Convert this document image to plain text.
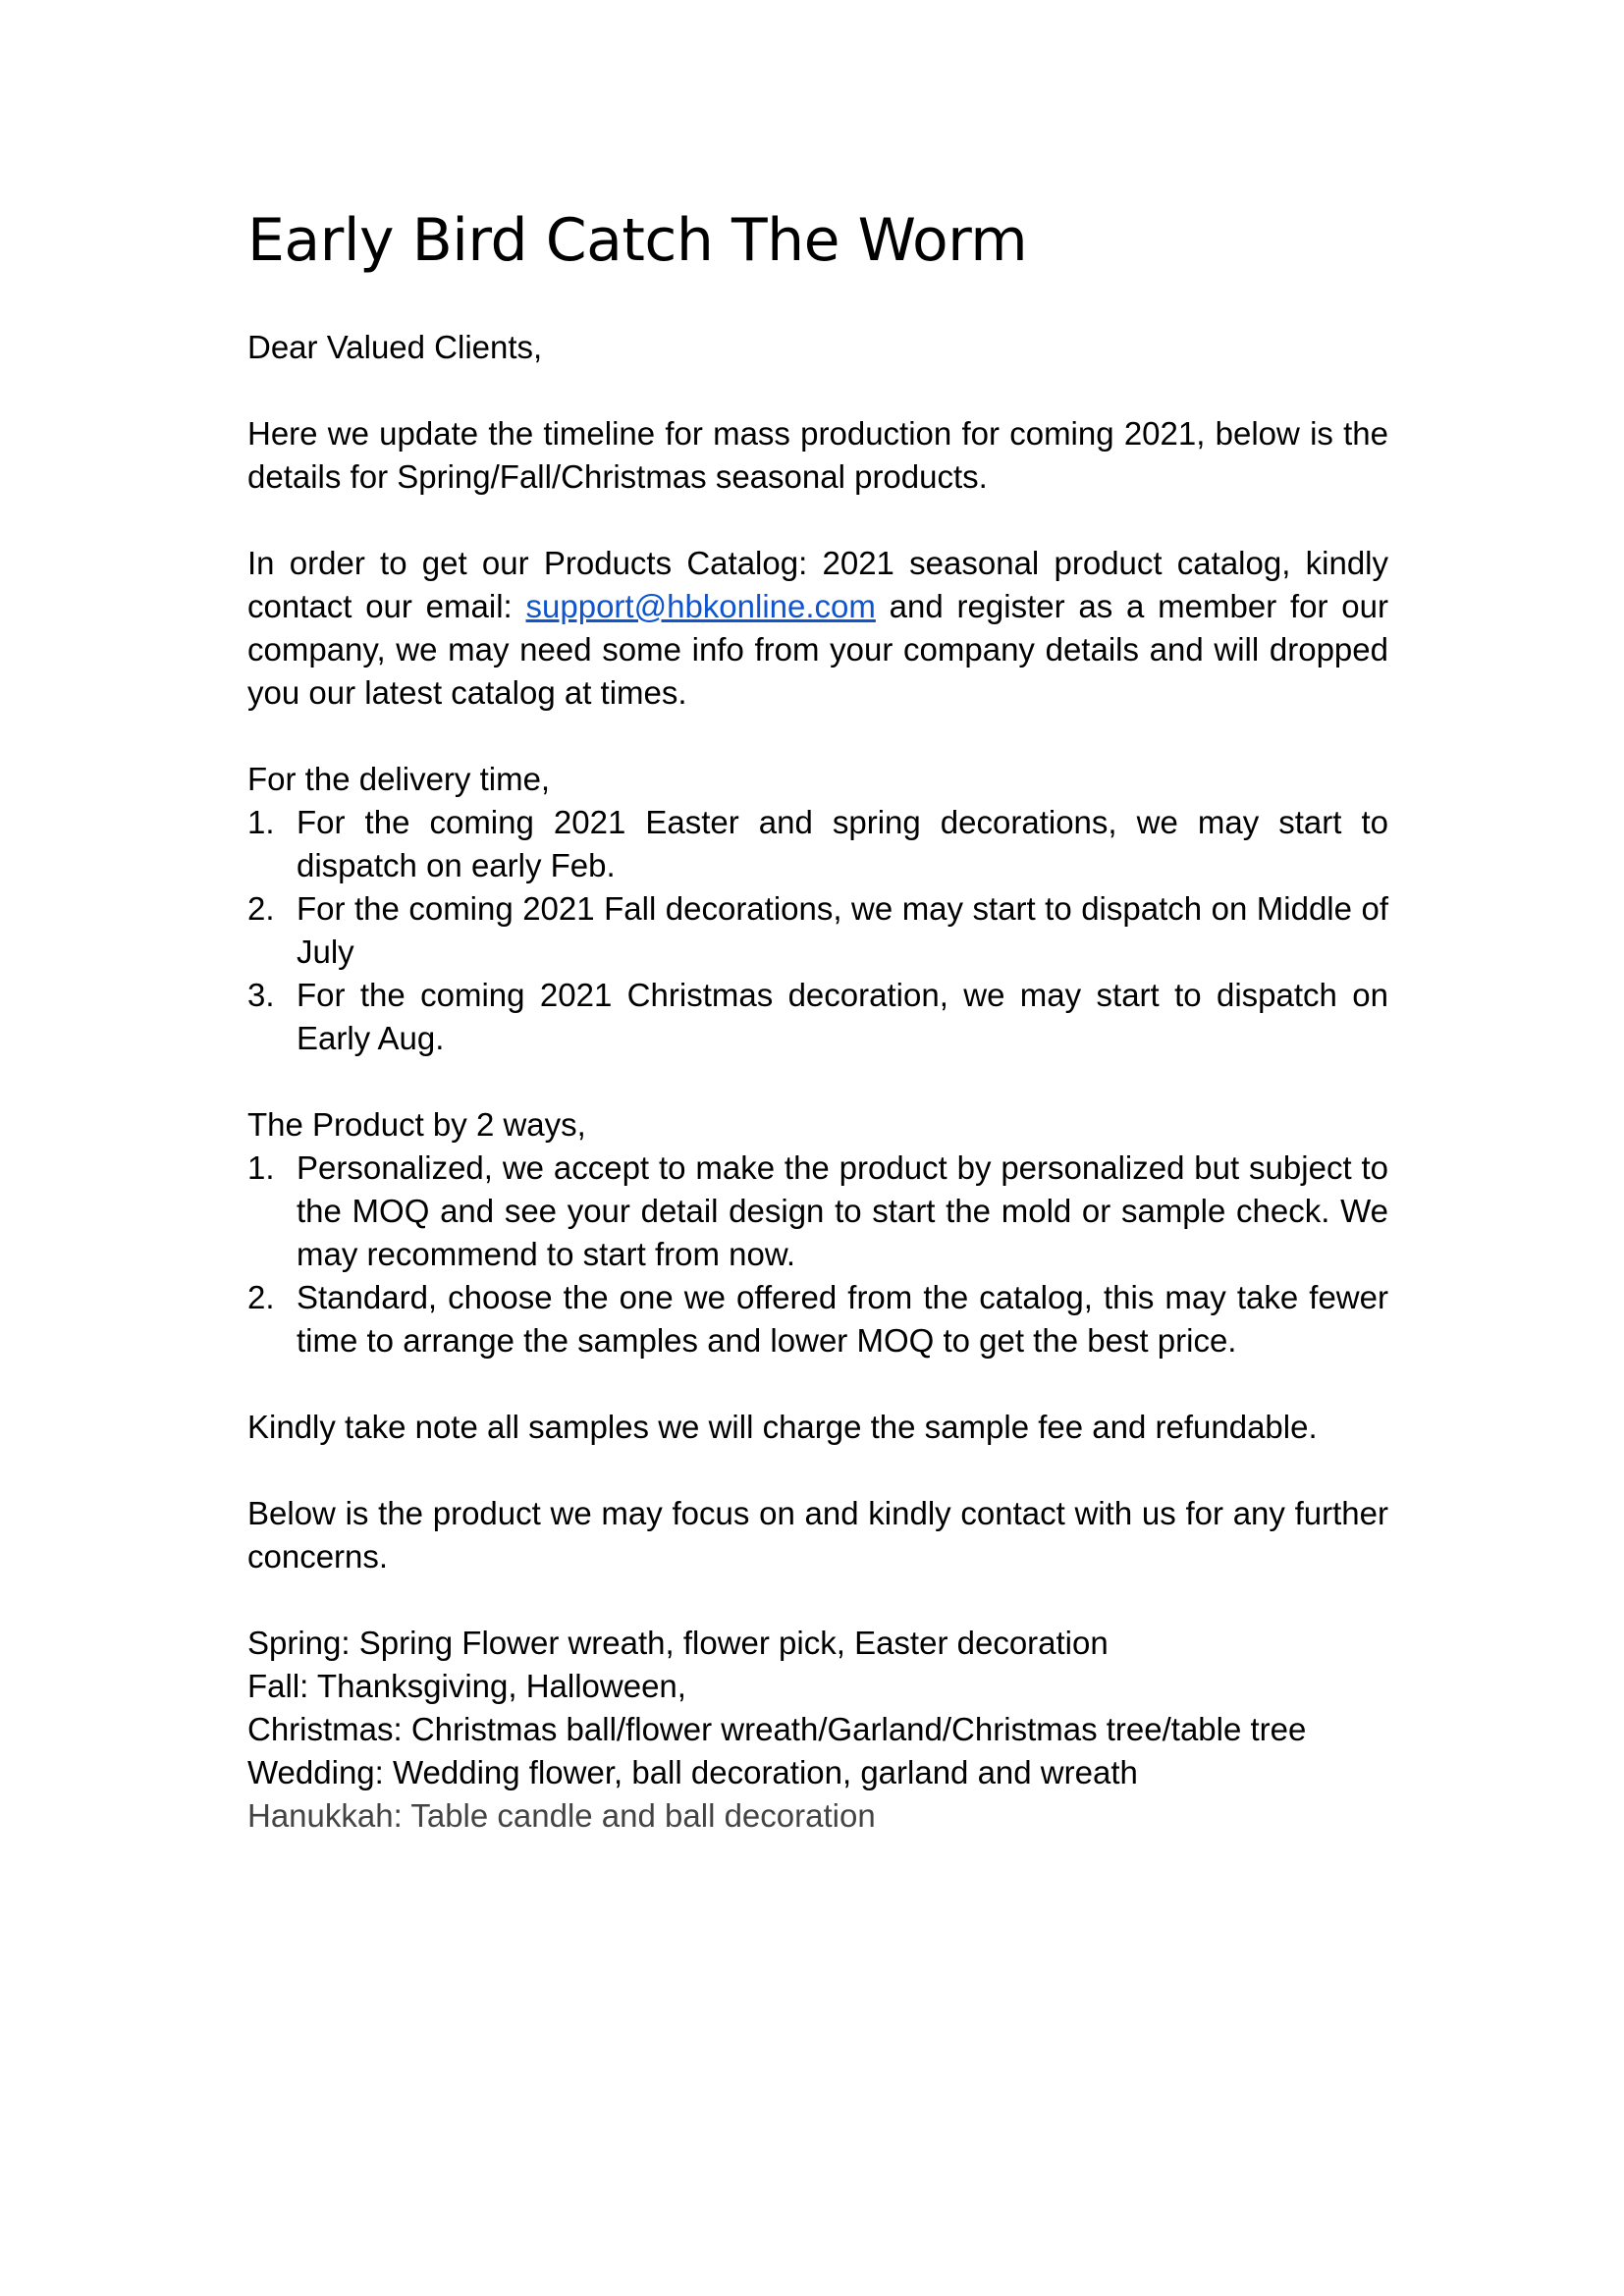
Early Bird Catch The Worm

Dear Valued Clients,

Here we update the timeline for mass production for coming 2021, below is the details for Spring/Fall/Christmas seasonal products.

In order to get our Products Catalog: 2021 seasonal product catalog, kindly contact our email: support@hbkonline.com and register as a member for our company, we may need some info from your company details and will dropped you our latest catalog at times.

For the delivery time,

1. For the coming 2021 Easter and spring decorations, we may start to dispatch on early Feb.
2. For the coming 2021 Fall decorations, we may start to dispatch on Middle of July
3. For the coming 2021 Christmas decoration, we may start to dispatch on Early Aug.

The Product by 2 ways,

1. Personalized, we accept to make the product by personalized but subject to the MOQ and see your detail design to start the mold or sample check. We may recommend to start from now.
2. Standard, choose the one we offered from the catalog, this may take fewer time to arrange the samples and lower MOQ to get the best price.

Kindly take note all samples we will charge the sample fee and refundable.

Below is the product we may focus on and kindly contact with us for any further concerns.

Spring: Spring Flower wreath, flower pick, Easter decoration

Fall: Thanksgiving, Halloween,

Christmas: Christmas ball/flower wreath/Garland/Christmas tree/table tree

Wedding: Wedding flower, ball decoration, garland and wreath

Hanukkah: Table candle and ball decoration
